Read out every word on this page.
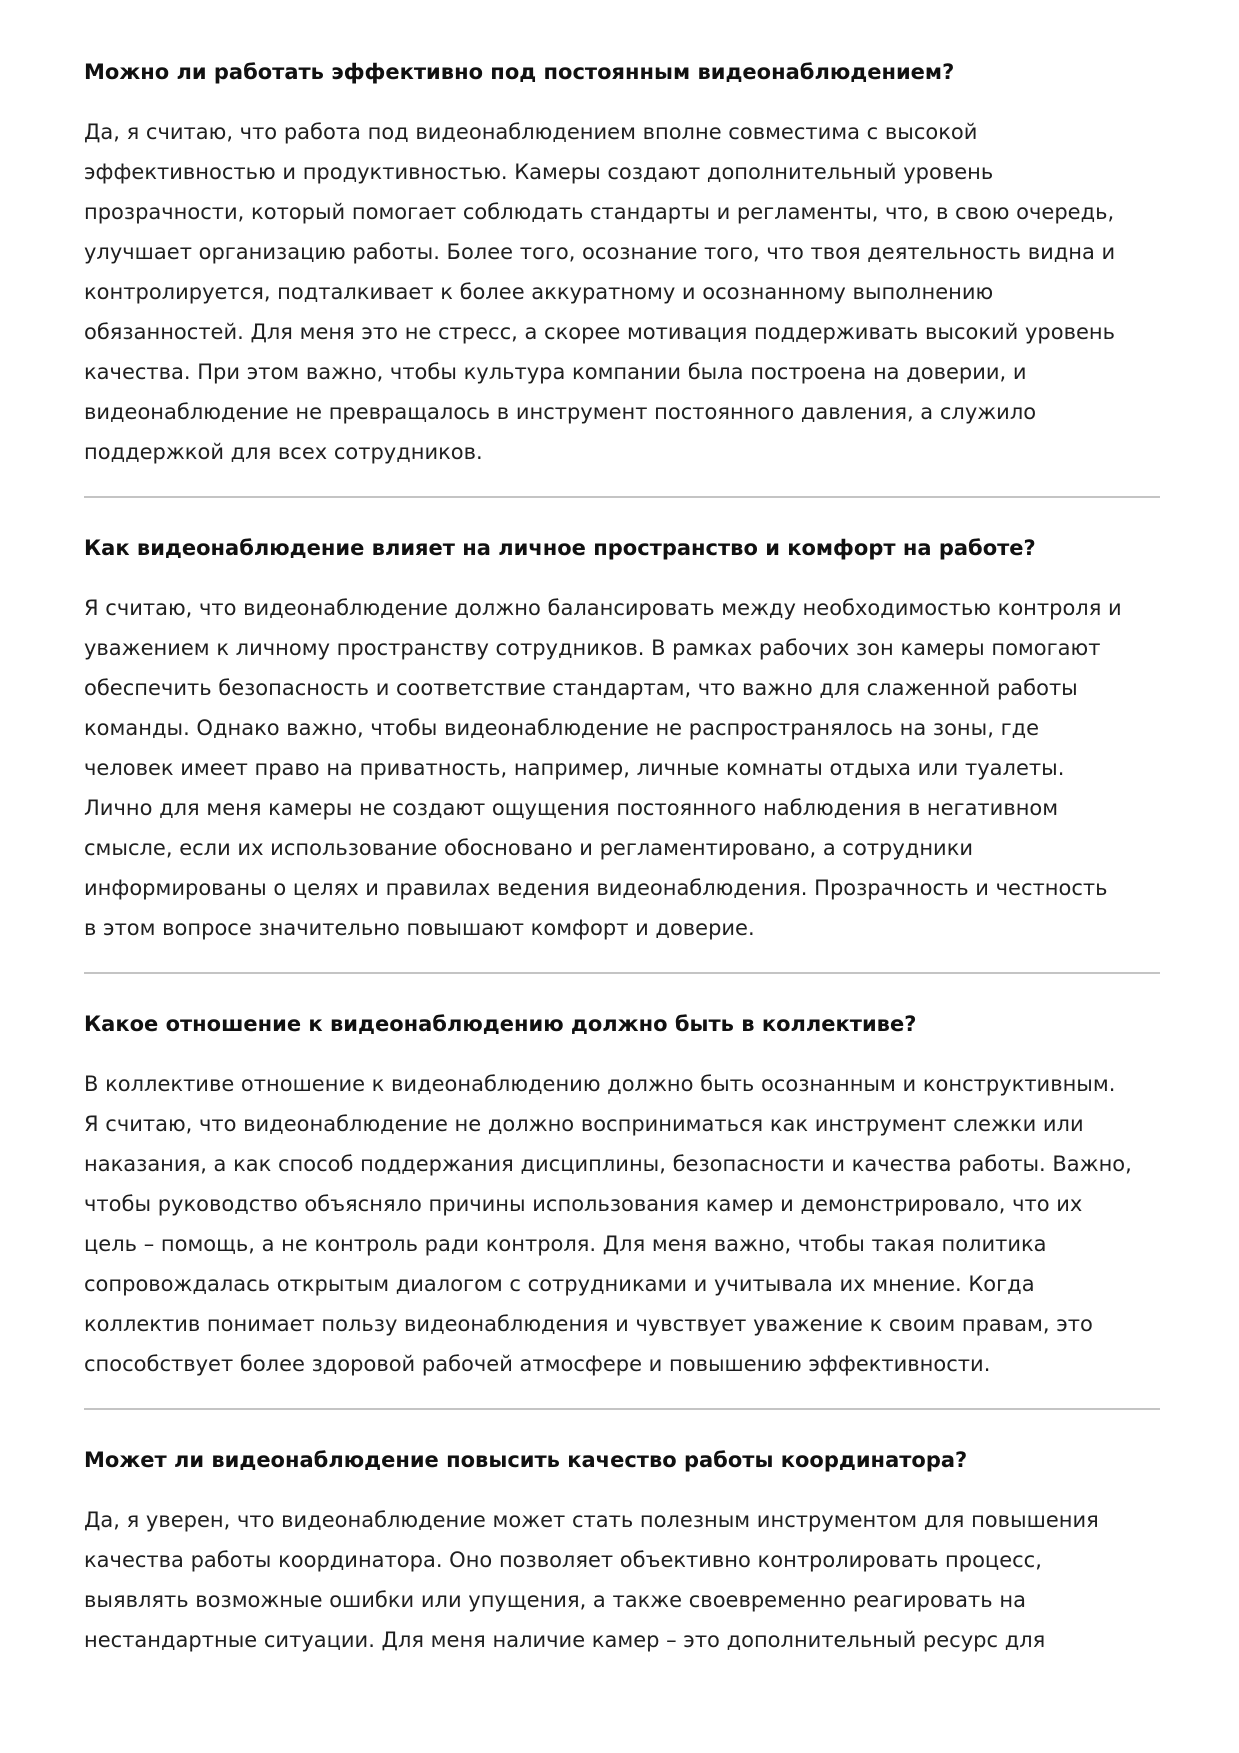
Можно ли работать эффективно под постоянным видеонаблюдением?

Да, я считаю, что работа под видеонаблюдением вполне совместима с высокой
эффективностью и продуктивностью. Камеры создают дополнительный уровень
прозрачности, который помогает соблюдать стандарты и регламенты, что, в свою очередь,
улучшает организацию работы. Более того, осознание того, что твоя деятельность видна и
контролируется, подталкивает к более аккуратному и осознанному выполнению
обязанностей. Для меня это не стресс, а скорее мотивация поддерживать высокий уровень
качества. При этом важно, чтобы культура компании была построена на доверии, и
видеонаблюдение не превращалось в инструмент постоянного давления, а служило
поддержкой для всех сотрудников.

Как видеонаблюдение влияет на личное пространство и комфорт на работе?

Я считаю, что видеонаблюдение должно балансировать между необходимостью контроля и
уважением к личному пространству сотрудников. В рамках рабочих зон камеры помогают
обеспечить безопасность и соответствие стандартам, что важно для слаженной работы
команды. Однако важно, чтобы видеонаблюдение не распространялось на зоны, где
человек имеет право на приватность, например, личные комнаты отдыха или туалеты.
Лично для меня камеры не создают ощущения постоянного наблюдения в негативном
смысле, если их использование обосновано и регламентировано, а сотрудники
информированы о целях и правилах ведения видеонаблюдения. Прозрачность и честность
в этом вопросе значительно повышают комфорт и доверие.

Какое отношение к видеонаблюдению должно быть в коллективе?

В коллективе отношение к видеонаблюдению должно быть осознанным и конструктивным.
Я считаю, что видеонаблюдение не должно восприниматься как инструмент слежки или
наказания, а как способ поддержания дисциплины, безопасности и качества работы. Важно,
чтобы руководство объясняло причины использования камер и демонстрировало, что их
цель – помощь, а не контроль ради контроля. Для меня важно, чтобы такая политика
сопровождалась открытым диалогом с сотрудниками и учитывала их мнение. Когда
коллектив понимает пользу видеонаблюдения и чувствует уважение к своим правам, это
способствует более здоровой рабочей атмосфере и повышению эффективности.

Может ли видеонаблюдение повысить качество работы координатора?

Да, я уверен, что видеонаблюдение может стать полезным инструментом для повышения
качества работы координатора. Оно позволяет объективно контролировать процесс,
выявлять возможные ошибки или упущения, а также своевременно реагировать на
нестандартные ситуации. Для меня наличие камер – это дополнительный ресурс для
